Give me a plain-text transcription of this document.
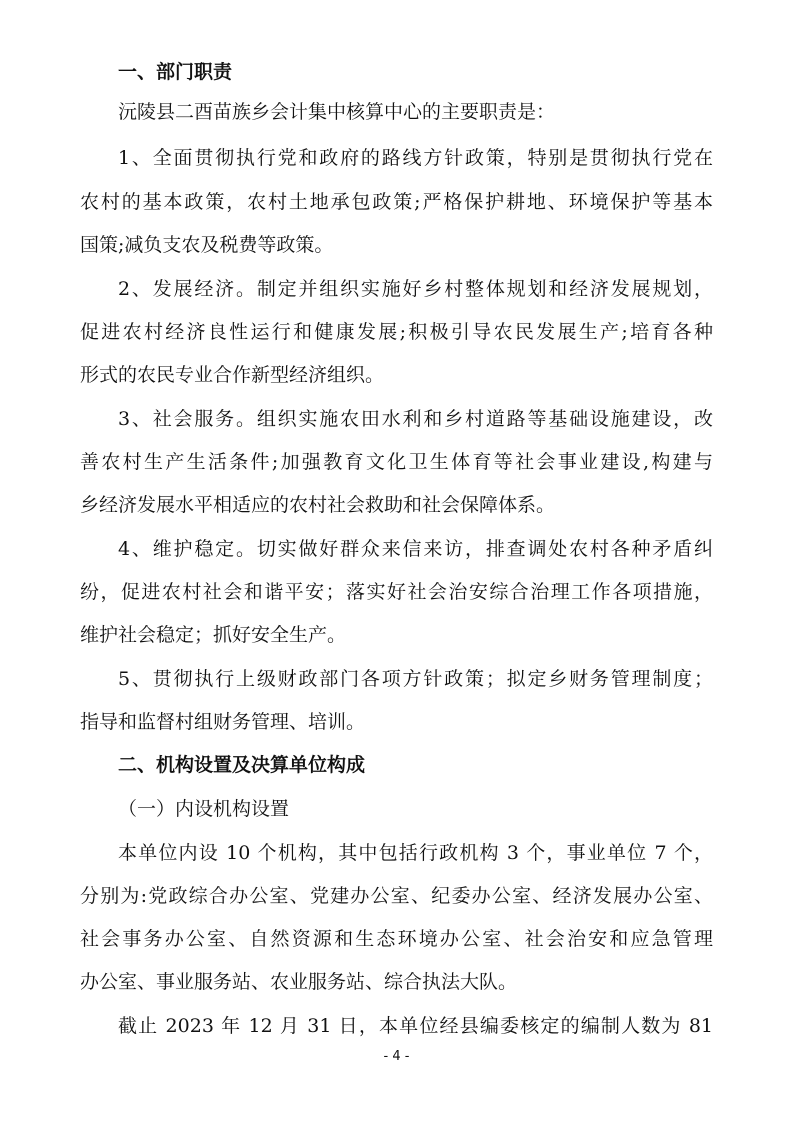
一、部门职责
沅陵县二酉苗族乡会计集中核算中心的主要职责是：
1、全面贯彻执行党和政府的路线方针政策，特别是贯彻执行党在
农村的基本政策，农村土地承包政策;严格保护耕地、环境保护等基本
国策;减负支农及税费等政策。
2、发展经济。制定并组织实施好乡村整体规划和经济发展规划，
促进农村经济良性运行和健康发展;积极引导农民发展生产;培育各种
形式的农民专业合作新型经济组织。
3、社会服务。组织实施农田水利和乡村道路等基础设施建设，改
善农村生产生活条件;加强教育文化卫生体育等社会事业建设,构建与
乡经济发展水平相适应的农村社会救助和社会保障体系。
4、维护稳定。切实做好群众来信来访，排查调处农村各种矛盾纠
纷，促进农村社会和谐平安；落实好社会治安综合治理工作各项措施，
维护社会稳定；抓好安全生产。
5、贯彻执行上级财政部门各项方针政策；拟定乡财务管理制度；
指导和监督村组财务管理、培训。
二、机构设置及决算单位构成
（一）内设机构设置
本单位内设 10 个机构，其中包括行政机构 3 个，事业单位 7 个，
分别为:党政综合办公室、党建办公室、纪委办公室、经济发展办公室、
社会事务办公室、自然资源和生态环境办公室、社会治安和应急管理
办公室、事业服务站、农业服务站、综合执法大队。
截止 2023 年 12 月 31 日，本单位经县编委核定的编制人数为 81
- 4 -
